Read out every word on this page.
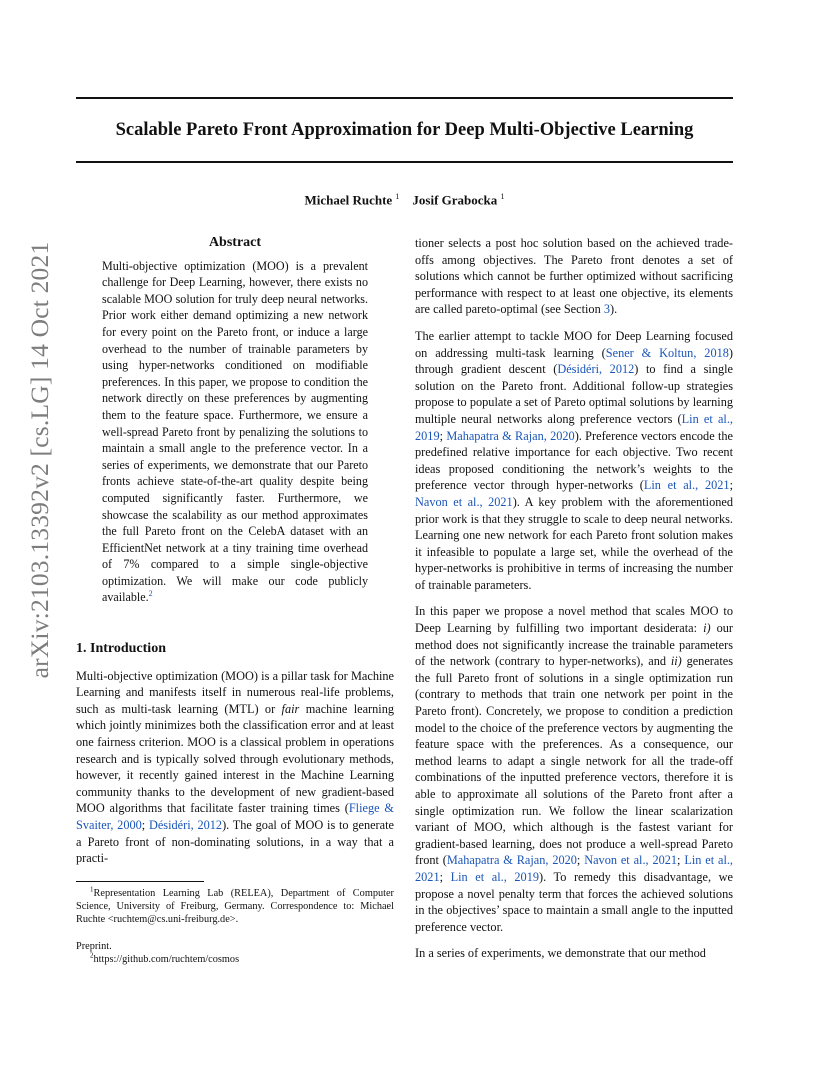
Scalable Pareto Front Approximation for Deep Multi-Objective Learning
Michael Ruchte $^1$ Josif Grabocka $^1$
arXiv:2103.13392v2 [cs.LG] 14 Oct 2021	Abstract

Multi-objective optimization (MOO) is a prevalent challenge for Deep Learning, however, there exists no scalable MOO solution for truly deep neural networks. Prior work either demand optimizing a new network for every point on the Pareto front, or induce a large overhead to the number of trainable parameters by using hyper-networks conditioned on modifiable preferences. In this paper, we propose to condition the network directly on these preferences by augmenting them to the feature space. Furthermore, we ensure a well-spread Pareto front by penalizing the solutions to maintain a small angle to the preference vector. In a series of experiments, we demonstrate that our Pareto fronts achieve state-of-the-art quality despite being computed significantly faster. Furthermore, we showcase the scalability as our method approximates the full Pareto front on the CelebA dataset with an EfficientNet network at a tiny training time overhead of 7% compared to a simple single-objective optimization. We will make our code publicly available.$^2$

1. Introduction

Multi-objective optimization (MOO) is a pillar task for Machine Learning and manifests itself in numerous real-life problems, such as multi-task learning (MTL) or fair machine learning which jointly minimizes both the classification error and at least one fairness criterion. MOO is a classical problem in operations research and is typically solved through evolutionary methods, however, it recently gained interest in the Machine Learning community thanks to the development of new gradient-based MOO algorithms that facilitate faster training times (Fliege & Svaiter, 2000; Désidéri, 2012). The goal of MOO is to generate a Pareto front of non-dominating solutions, in a way that a practi-

tioner selects a post hoc solution based on the achieved trade-offs among objectives. The Pareto front denotes a set of solutions which cannot be further optimized without sacrificing performance with respect to at least one objective, its elements are called pareto-optimal (see Section 3).

The earlier attempt to tackle MOO for Deep Learning focused on addressing multi-task learning (Sener & Koltun, 2018) through gradient descent (Désidéri, 2012) to find a single solution on the Pareto front. Additional follow-up strategies propose to populate a set of Pareto optimal solutions by learning multiple neural networks along preference vectors (Lin et al., 2019; Mahapatra & Rajan, 2020). Preference vectors encode the predefined relative importance for each objective. Two recent ideas proposed conditioning the network’s weights to the preference vector through hyper-networks (Lin et al., 2021; Navon et al., 2021). A key problem with the aforementioned prior work is that they struggle to scale to deep neural networks. Learning one new network for each Pareto front solution makes it infeasible to populate a large set, while the overhead of the hyper-networks is prohibitive in terms of increasing the number of trainable parameters.

In this paper we propose a novel method that scales MOO to Deep Learning by fulfilling two important desiderata: i) our method does not significantly increase the trainable parameters of the network (contrary to hyper-networks), and ii) generates the full Pareto front of solutions in a single optimization run (contrary to methods that train one network per point in the Pareto front). Concretely, we propose to condition a prediction model to the choice of the preference vectors by augmenting the feature space with the preferences. As a consequence, our method learns to adapt a single network for all the trade-off combinations of the inputted preference vectors, therefore it is able to approximate all solutions of the Pareto front after a single optimization run. We follow the linear scalarization variant of MOO, which although is the fastest variant for gradient-based learning, does not produce a well-spread Pareto front (Mahapatra & Rajan, 2020; Navon et al., 2021; Lin et al., 2021; Lin et al., 2019). To remedy this disadvantage, we propose a novel penalty term that forces the achieved solutions in the objectives’ space to maintain a small angle to the inputted preference vector.

In a series of experiments, we demonstrate that our method

$^1$Representation Learning Lab (RELEA), Department of Computer Science, University of Freiburg, Germany. Correspondence to: Michael Ruchte <ruchtem@cs.uni-freiburg.de>.

Preprint.

$^2$https://github.com/ruchtem/cosmos
